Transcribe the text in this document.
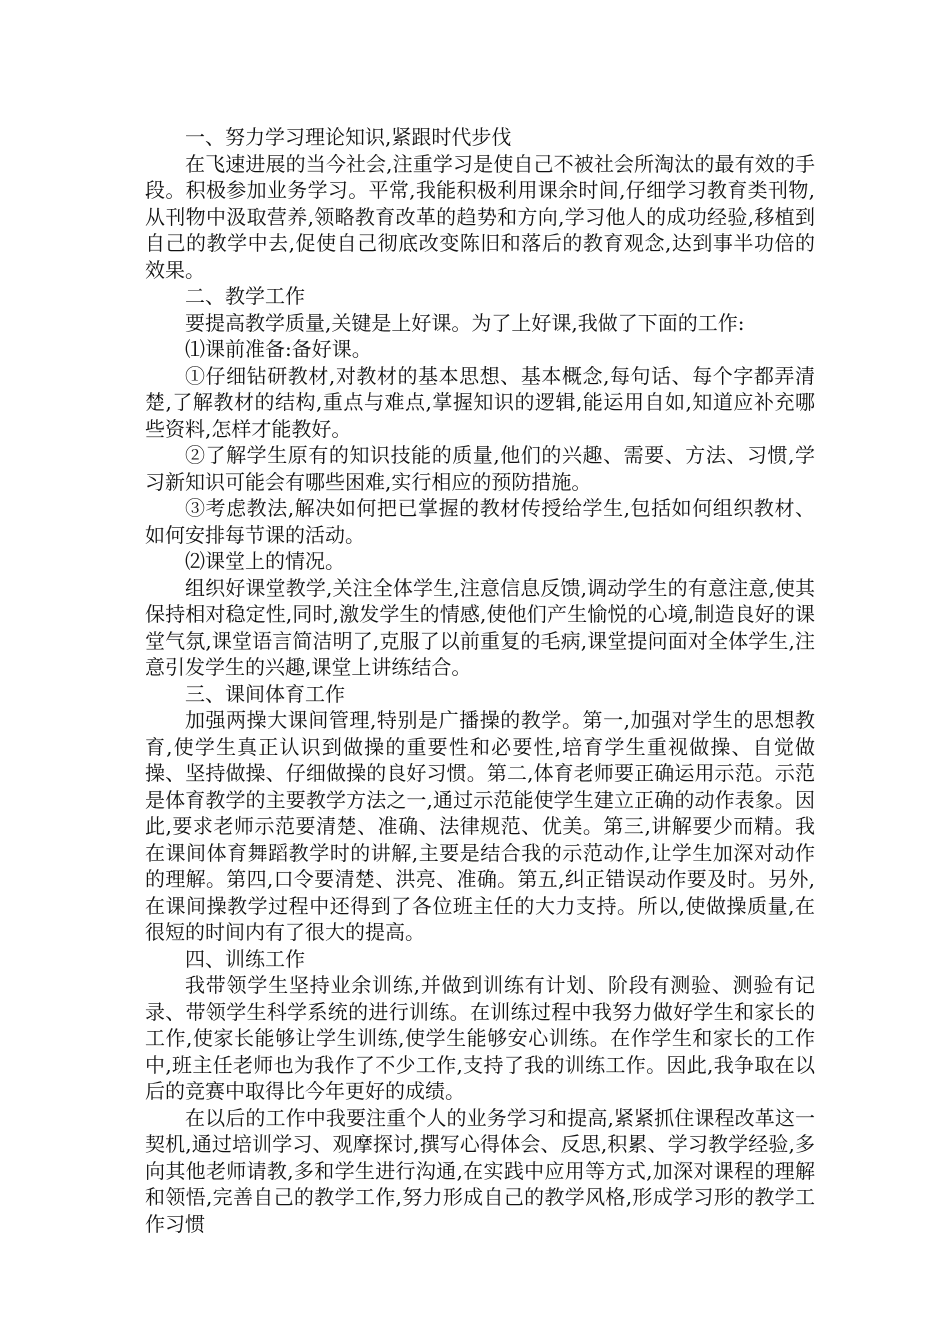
一、努力学习理论知识,紧跟时代步伐

在飞速进展的当今社会,注重学习是使自己不被社会所淘汰的最有效的手段。积极参加业务学习。平常,我能积极利用课余时间,仔细学习教育类刊物,从刊物中汲取营养,领略教育改革的趋势和方向,学习他人的成功经验,移植到自己的教学中去,促使自己彻底改变陈旧和落后的教育观念,达到事半功倍的效果。

二、教学工作

要提高教学质量,关键是上好课。为了上好课,我做了下面的工作:

⑴课前准备:备好课。

①仔细钻研教材,对教材的基本思想、基本概念,每句话、每个字都弄清楚,了解教材的结构,重点与难点,掌握知识的逻辑,能运用自如,知道应补充哪些资料,怎样才能教好。

②了解学生原有的知识技能的质量,他们的兴趣、需要、方法、习惯,学习新知识可能会有哪些困难,实行相应的预防措施。

③考虑教法,解决如何把已掌握的教材传授给学生,包括如何组织教材、如何安排每节课的活动。

⑵课堂上的情况。

组织好课堂教学,关注全体学生,注意信息反馈,调动学生的有意注意,使其保持相对稳定性,同时,激发学生的情感,使他们产生愉悦的心境,制造良好的课堂气氛,课堂语言简洁明了,克服了以前重复的毛病,课堂提问面对全体学生,注意引发学生的兴趣,课堂上讲练结合。

三、课间体育工作

加强两操大课间管理,特别是广播操的教学。第一,加强对学生的思想教育,使学生真正认识到做操的重要性和必要性,培育学生重视做操、自觉做操、坚持做操、仔细做操的良好习惯。第二,体育老师要正确运用示范。示范是体育教学的主要教学方法之一,通过示范能使学生建立正确的动作表象。因此,要求老师示范要清楚、准确、法律规范、优美。第三,讲解要少而精。我在课间体育舞蹈教学时的讲解,主要是结合我的示范动作,让学生加深对动作的理解。第四,口令要清楚、洪亮、准确。第五,纠正错误动作要及时。另外,在课间操教学过程中还得到了各位班主任的大力支持。所以,使做操质量,在很短的时间内有了很大的提高。

四、训练工作

我带领学生坚持业余训练,并做到训练有计划、阶段有测验、测验有记录、带领学生科学系统的进行训练。在训练过程中我努力做好学生和家长的工作,使家长能够让学生训练,使学生能够安心训练。在作学生和家长的工作中,班主任老师也为我作了不少工作,支持了我的训练工作。因此,我争取在以后的竞赛中取得比今年更好的成绩。

在以后的工作中我要注重个人的业务学习和提高,紧紧抓住课程改革这一契机,通过培训学习、观摩探讨,撰写心得体会、反思,积累、学习教学经验,多向其他老师请教,多和学生进行沟通,在实践中应用等方式,加深对课程的理解和领悟,完善自己的教学工作,努力形成自己的教学风格,形成学习形的教学工作习惯
